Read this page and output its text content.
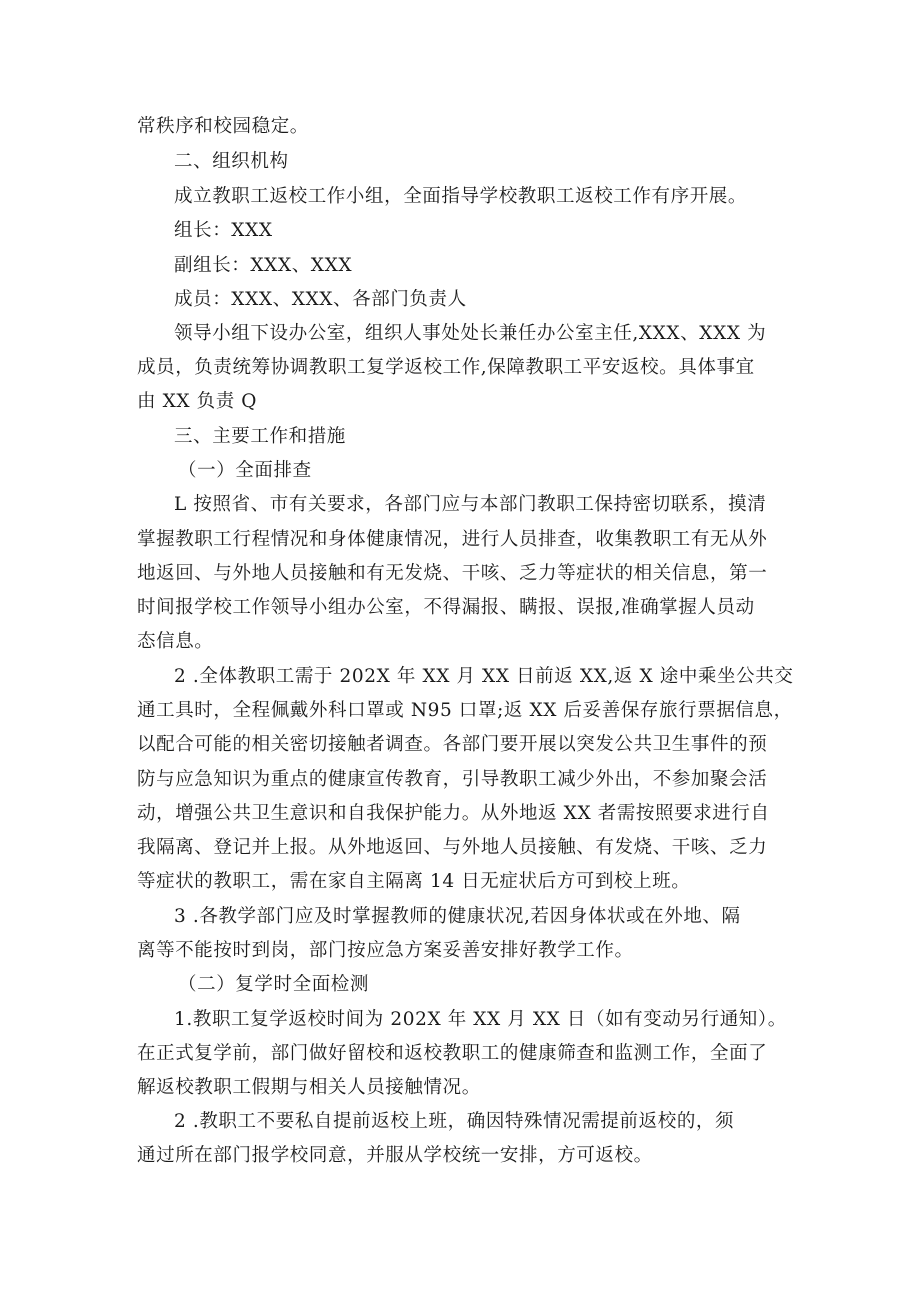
常秩序和校园稳定。
二、组织机构
成立教职工返校工作小组，全面指导学校教职工返校工作有序开展。
组长：XXX
副组长：XXX、XXX
成员：XXX、XXX、各部门负责人
领导小组下设办公室，组织人事处处长兼任办公室主任,XXX、XXX 为
成员，负责统筹协调教职工复学返校工作,保障教职工平安返校。具体事宜
由 XX 负责 Q
三、主要工作和措施
（一）全面排查
L 按照省、市有关要求，各部门应与本部门教职工保持密切联系，摸清
掌握教职工行程情况和身体健康情况，进行人员排查，收集教职工有无从外
地返回、与外地人员接触和有无发烧、干咳、乏力等症状的相关信息，第一
时间报学校工作领导小组办公室，不得漏报、瞒报、误报,准确掌握人员动
态信息。
2 .全体教职工需于 202X 年 XX 月 XX 日前返 XX,返 X 途中乘坐公共交
通工具时，全程佩戴外科口罩或 N95 口罩;返 XX 后妥善保存旅行票据信息，
以配合可能的相关密切接触者调查。各部门要开展以突发公共卫生事件的预
防与应急知识为重点的健康宣传教育，引导教职工减少外出，不参加聚会活
动，增强公共卫生意识和自我保护能力。从外地返 XX 者需按照要求进行自
我隔离、登记并上报。从外地返回、与外地人员接触、有发烧、干咳、乏力
等症状的教职工，需在家自主隔离 14 日无症状后方可到校上班。
3 .各教学部门应及时掌握教师的健康状况,若因身体状或在外地、隔
离等不能按时到岗，部门按应急方案妥善安排好教学工作。
（二）复学时全面检测
1.教职工复学返校时间为 202X 年 XX 月 XX 日（如有变动另行通知）。
在正式复学前，部门做好留校和返校教职工的健康筛查和监测工作，全面了
解返校教职工假期与相关人员接触情况。
2 .教职工不要私自提前返校上班，确因特殊情况需提前返校的，须
通过所在部门报学校同意，并服从学校统一安排，方可返校。
